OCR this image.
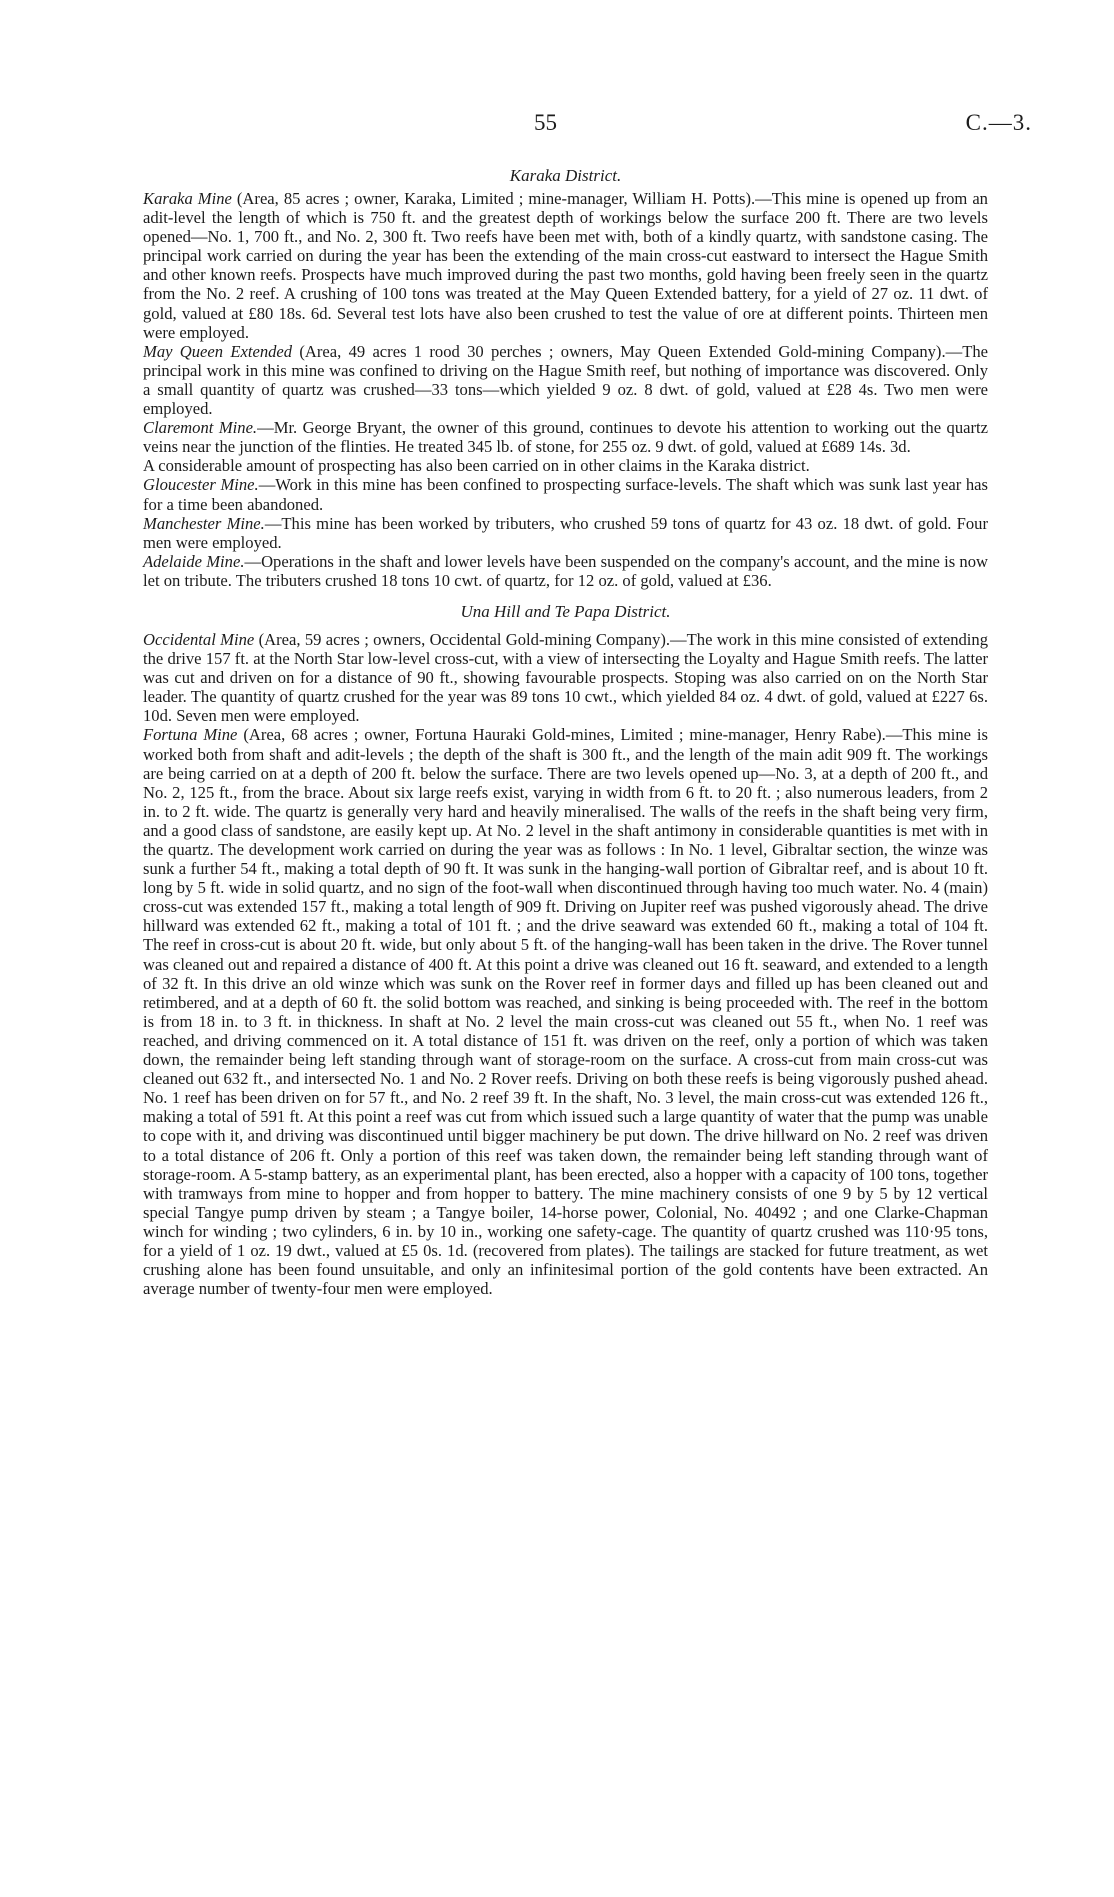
55	C.—3.
Karaka District.

Karaka Mine (Area, 85 acres ; owner, Karaka, Limited ; mine-manager, William H. Potts).—This mine is opened up from an adit-level the length of which is 750 ft. and the greatest depth of workings below the surface 200 ft. There are two levels opened—No. 1, 700 ft., and No. 2, 300 ft. Two reefs have been met with, both of a kindly quartz, with sandstone casing. The principal work carried on during the year has been the extending of the main cross-cut eastward to intersect the Hague Smith and other known reefs. Prospects have much improved during the past two months, gold having been freely seen in the quartz from the No. 2 reef. A crushing of 100 tons was treated at the May Queen Extended battery, for a yield of 27 oz. 11 dwt. of gold, valued at £80 18s. 6d. Several test lots have also been crushed to test the value of ore at different points. Thirteen men were employed.

May Queen Extended (Area, 49 acres 1 rood 30 perches ; owners, May Queen Extended Gold-mining Company).—The principal work in this mine was confined to driving on the Hague Smith reef, but nothing of importance was discovered. Only a small quantity of quartz was crushed—33 tons—which yielded 9 oz. 8 dwt. of gold, valued at £28 4s. Two men were employed.

Claremont Mine.—Mr. George Bryant, the owner of this ground, continues to devote his attention to working out the quartz veins near the junction of the flinties. He treated 345 lb. of stone, for 255 oz. 9 dwt. of gold, valued at £689 14s. 3d.

A considerable amount of prospecting has also been carried on in other claims in the Karaka district.

Gloucester Mine.—Work in this mine has been confined to prospecting surface-levels. The shaft which was sunk last year has for a time been abandoned.

Manchester Mine.—This mine has been worked by tributers, who crushed 59 tons of quartz for 43 oz. 18 dwt. of gold. Four men were employed.

Adelaide Mine.—Operations in the shaft and lower levels have been suspended on the company's account, and the mine is now let on tribute. The tributers crushed 18 tons 10 cwt. of quartz, for 12 oz. of gold, valued at £36.

Una Hill and Te Papa District.

Occidental Mine (Area, 59 acres ; owners, Occidental Gold-mining Company).—The work in this mine consisted of extending the drive 157 ft. at the North Star low-level cross-cut, with a view of intersecting the Loyalty and Hague Smith reefs. The latter was cut and driven on for a distance of 90 ft., showing favourable prospects. Stoping was also carried on on the North Star leader. The quantity of quartz crushed for the year was 89 tons 10 cwt., which yielded 84 oz. 4 dwt. of gold, valued at £227 6s. 10d. Seven men were employed.

Fortuna Mine (Area, 68 acres ; owner, Fortuna Hauraki Gold-mines, Limited ; mine-manager, Henry Rabe).—This mine is worked both from shaft and adit-levels ; the depth of the shaft is 300 ft., and the length of the main adit 909 ft. The workings are being carried on at a depth of 200 ft. below the surface. There are two levels opened up—No. 3, at a depth of 200 ft., and No. 2, 125 ft., from the brace. About six large reefs exist, varying in width from 6 ft. to 20 ft. ; also numerous leaders, from 2 in. to 2 ft. wide. The quartz is generally very hard and heavily mineralised. The walls of the reefs in the shaft being very firm, and a good class of sandstone, are easily kept up. At No. 2 level in the shaft antimony in considerable quantities is met with in the quartz. The development work carried on during the year was as follows : In No. 1 level, Gibraltar section, the winze was sunk a further 54 ft., making a total depth of 90 ft. It was sunk in the hanging-wall portion of Gibraltar reef, and is about 10 ft. long by 5 ft. wide in solid quartz, and no sign of the foot-wall when discontinued through having too much water. No. 4 (main) cross-cut was extended 157 ft., making a total length of 909 ft. Driving on Jupiter reef was pushed vigorously ahead. The drive hillward was extended 62 ft., making a total of 101 ft. ; and the drive seaward was extended 60 ft., making a total of 104 ft. The reef in cross-cut is about 20 ft. wide, but only about 5 ft. of the hanging-wall has been taken in the drive. The Rover tunnel was cleaned out and repaired a distance of 400 ft. At this point a drive was cleaned out 16 ft. seaward, and extended to a length of 32 ft. In this drive an old winze which was sunk on the Rover reef in former days and filled up has been cleaned out and retimbered, and at a depth of 60 ft. the solid bottom was reached, and sinking is being proceeded with. The reef in the bottom is from 18 in. to 3 ft. in thickness. In shaft at No. 2 level the main cross-cut was cleaned out 55 ft., when No. 1 reef was reached, and driving commenced on it. A total distance of 151 ft. was driven on the reef, only a portion of which was taken down, the remainder being left standing through want of storage-room on the surface. A cross-cut from main cross-cut was cleaned out 632 ft., and intersected No. 1 and No. 2 Rover reefs. Driving on both these reefs is being vigorously pushed ahead. No. 1 reef has been driven on for 57 ft., and No. 2 reef 39 ft. In the shaft, No. 3 level, the main cross-cut was extended 126 ft., making a total of 591 ft. At this point a reef was cut from which issued such a large quantity of water that the pump was unable to cope with it, and driving was discontinued until bigger machinery be put down. The drive hillward on No. 2 reef was driven to a total distance of 206 ft. Only a portion of this reef was taken down, the remainder being left standing through want of storage-room. A 5-stamp battery, as an experimental plant, has been erected, also a hopper with a capacity of 100 tons, together with tramways from mine to hopper and from hopper to battery. The mine machinery consists of one 9 by 5 by 12 vertical special Tangye pump driven by steam ; a Tangye boiler, 14-horse power, Colonial, No. 40492 ; and one Clarke-Chapman winch for winding ; two cylinders, 6 in. by 10 in., working one safety-cage. The quantity of quartz crushed was 110·95 tons, for a yield of 1 oz. 19 dwt., valued at £5 0s. 1d. (recovered from plates). The tailings are stacked for future treatment, as wet crushing alone has been found unsuitable, and only an infinitesimal portion of the gold contents have been extracted. An average number of twenty-four men were employed.
